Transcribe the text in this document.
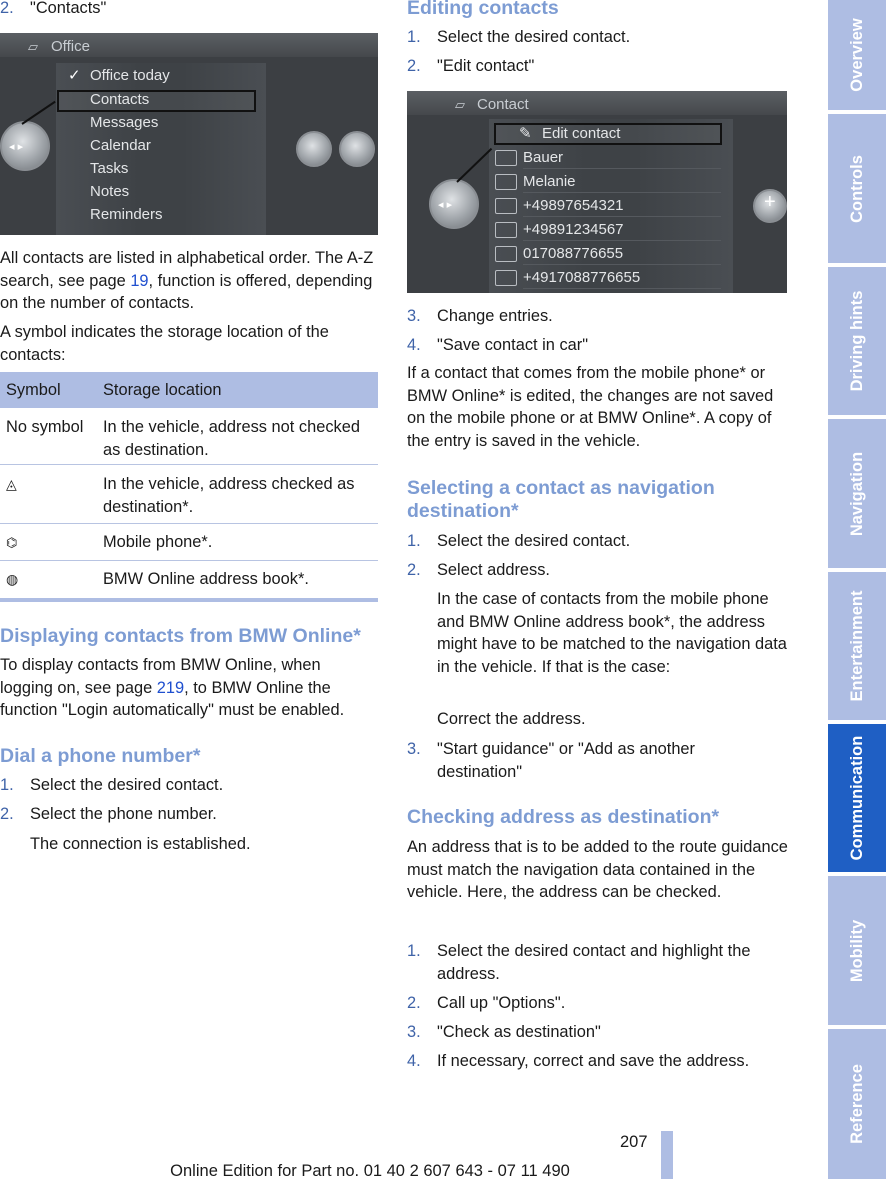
2. "Contacts"
▱ Office
◂ ▸
✓ Office today
Contacts
Messages
Calendar
Tasks
Notes
Reminders

All contacts are listed in alphabetical order. The A-Z search, see page 19, function is offered, depending on the number of contacts.

A symbol indicates the storage location of the contacts:

Symbol	Storage location
No symbol	In the vehicle, address not checked as destination.
◬	In the vehicle, address checked as destination*.
⌬	Mobile phone*.
◍	BMW Online address book*.
Displaying contacts from BMW Online*

To display contacts from BMW Online, when logging on, see page 219, to BMW Online the function "Login automatically" must be enabled.

Dial a phone number*
1. Select the desired contact.
2. Select the phone number.

The connection is established.

Editing contacts
1. Select the desired contact.
2. "Edit contact"
▱ Contact
◂ ▸	+
✎ Edit contact
Bauer
Melanie
+49897654321
+49891234567
017088776655
+4917088776655
3. Change entries.
4. "Save contact in car"

If a contact that comes from the mobile phone* or BMW Online* is edited, the changes are not saved on the mobile phone or at BMW Online*. A copy of the entry is saved in the vehicle.

Selecting a contact as navigation destination*
1. Select the desired contact.
2. Select address.

In the case of contacts from the mobile phone and BMW Online address book*, the address might have to be matched to the navigation data in the vehicle. If that is the case:

Correct the address.

3. "Start guidance" or "Add as another destination"
Checking address as destination*

An address that is to be added to the route guidance must match the navigation data contained in the vehicle. Here, the address can be checked.

1. Select the desired contact and highlight the address.
2. Call up "Options".
3. "Check as destination"
4. If necessary, correct and save the address.
Overview
Controls
Driving hints
Navigation
Entertainment
Communication
Mobility
Reference
207
Online Edition for Part no. 01 40 2 607 643 - 07 11 490
